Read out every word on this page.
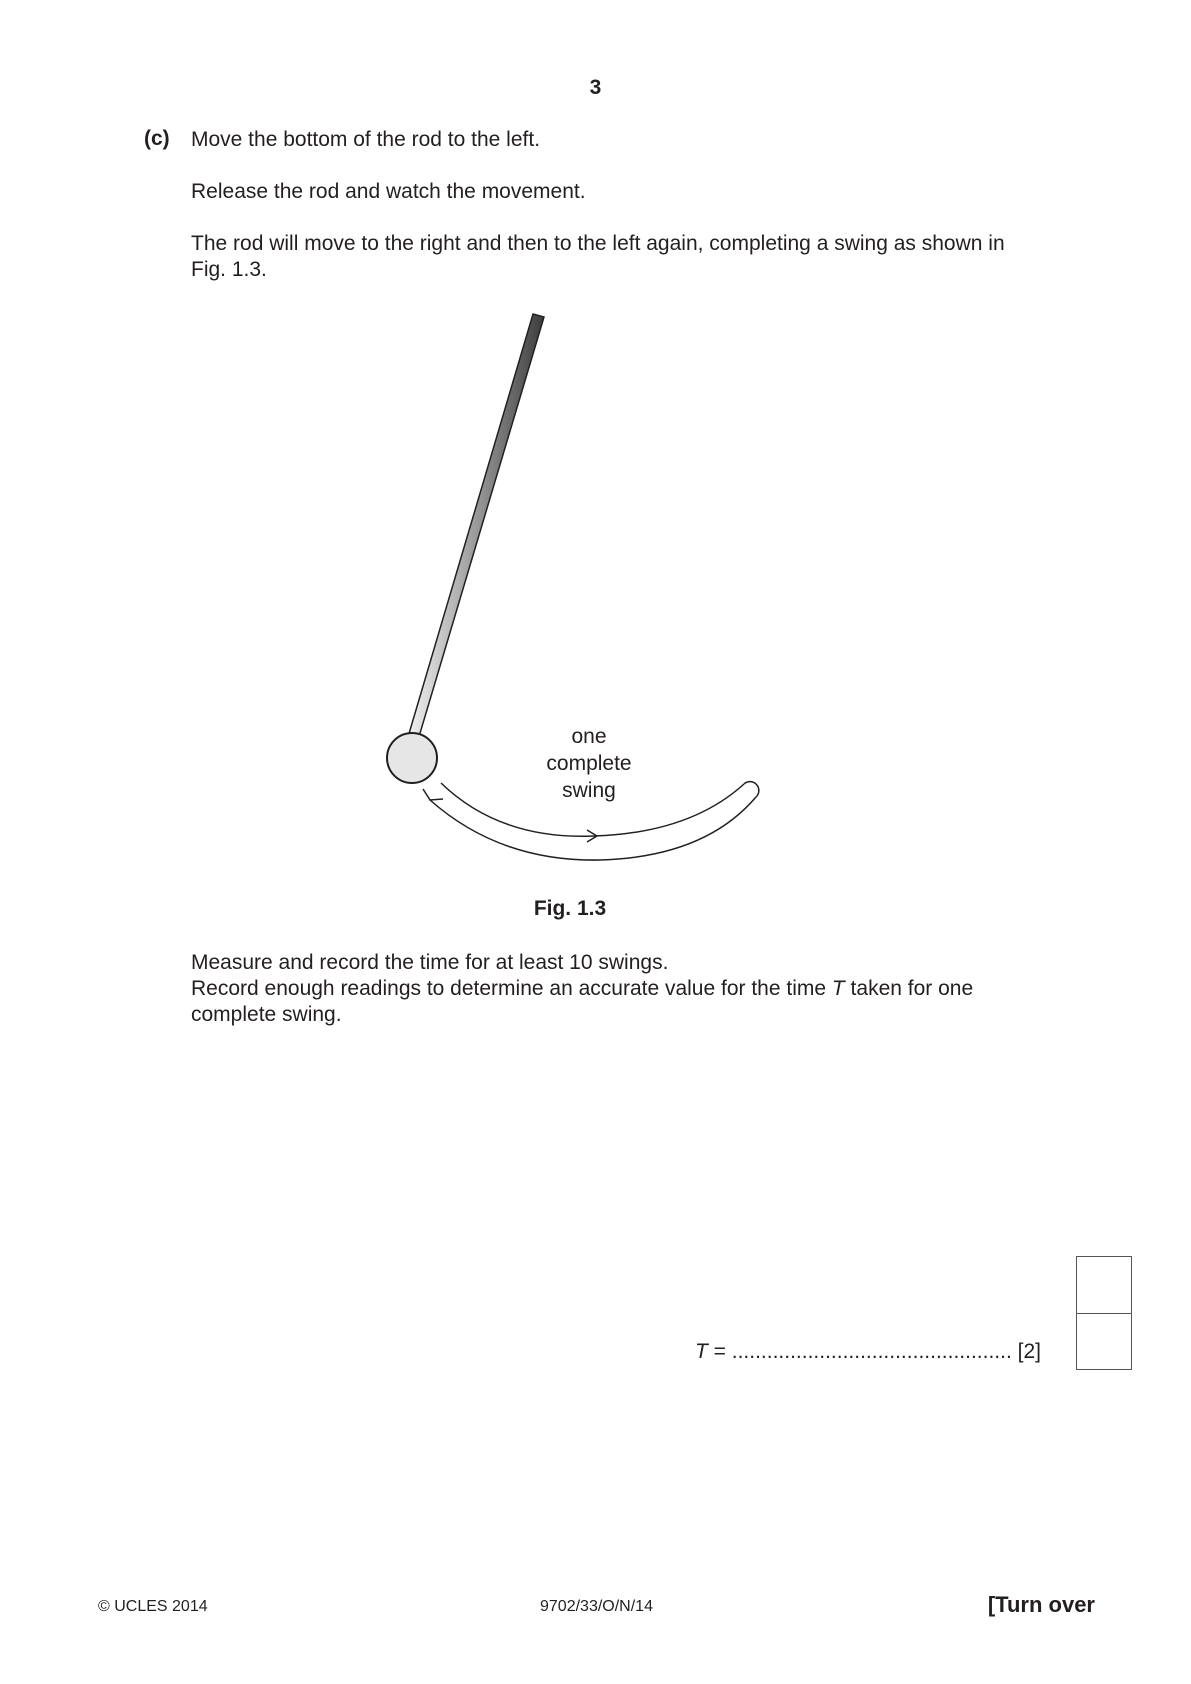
3
(c) Move the bottom of the rod to the left.
Release the rod and watch the movement.
The rod will move to the right and then to the left again, completing a swing as shown in
Fig. 1.3.
one
complete
swing
Fig. 1.3
Measure and record the time for at least 10 swings.
Record enough readings to determine an accurate value for the time T taken for one
complete swing.
T = ................................................ [2]
© UCLES 2014	9702/33/O/N/14	[Turn over
